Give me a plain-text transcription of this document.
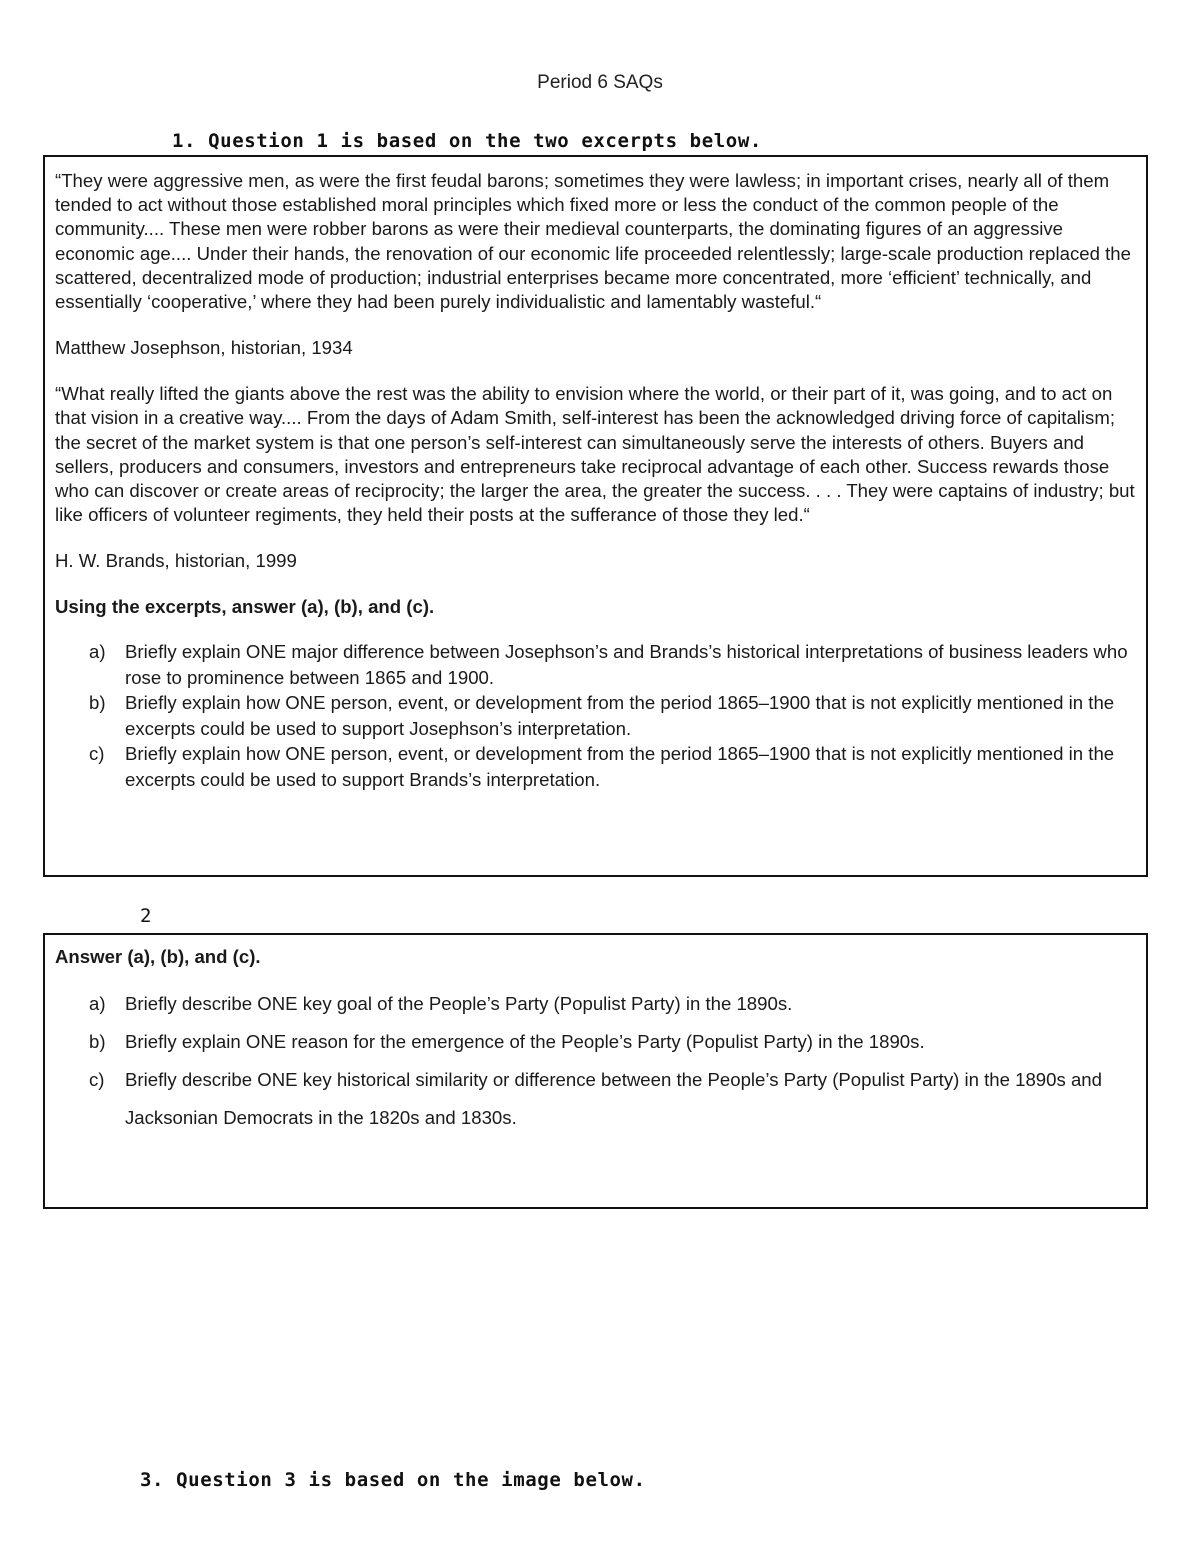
Period 6 SAQs
1. Question 1 is based on the two excerpts below.

“They were aggressive men, as were the first feudal barons; sometimes they were lawless; in important crises, nearly all of them tended to act without those established moral principles which fixed more or less the conduct of the common people of the community.... These men were robber barons as were their medieval counterparts, the dominating figures of an aggressive economic age.... Under their hands, the renovation of our economic life proceeded relentlessly; large-scale production replaced the scattered, decentralized mode of production; industrial enterprises became more concentrated, more ‘efficient’ technically, and essentially ‘cooperative,’ where they had been purely individualistic and lamentably wasteful.“

Matthew Josephson, historian, 1934

“What really lifted the giants above the rest was the ability to envision where the world, or their part of it, was going, and to act on that vision in a creative way.... From the days of Adam Smith, self-interest has been the acknowledged driving force of capitalism; the secret of the market system is that one person’s self-interest can simultaneously serve the interests of others. Buyers and sellers, producers and consumers, investors and entrepreneurs take reciprocal advantage of each other. Success rewards those who can discover or create areas of reciprocity; the larger the area, the greater the success. . . . They were captains of industry; but like officers of volunteer regiments, they held their posts at the sufferance of those they led.“

H. W. Brands, historian, 1999

Using the excerpts, answer (a), (b), and (c).

a) Briefly explain ONE major difference between Josephson’s and Brands’s historical interpretations of business leaders who rose to prominence between 1865 and 1900.
b) Briefly explain how ONE person, event, or development from the period 1865–1900 that is not explicitly mentioned in the excerpts could be used to support Josephson’s interpretation.
c) Briefly explain how ONE person, event, or development from the period 1865–1900 that is not explicitly mentioned in the excerpts could be used to support Brands’s interpretation.
2

Answer (a), (b), and (c).

a) Briefly describe ONE key goal of the People’s Party (Populist Party) in the 1890s.
b) Briefly explain ONE reason for the emergence of the People’s Party (Populist Party) in the 1890s.
c) Briefly describe ONE key historical similarity or difference between the People’s Party (Populist Party) in the 1890s and Jacksonian Democrats in the 1820s and 1830s.
3. Question 3 is based on the image below.
